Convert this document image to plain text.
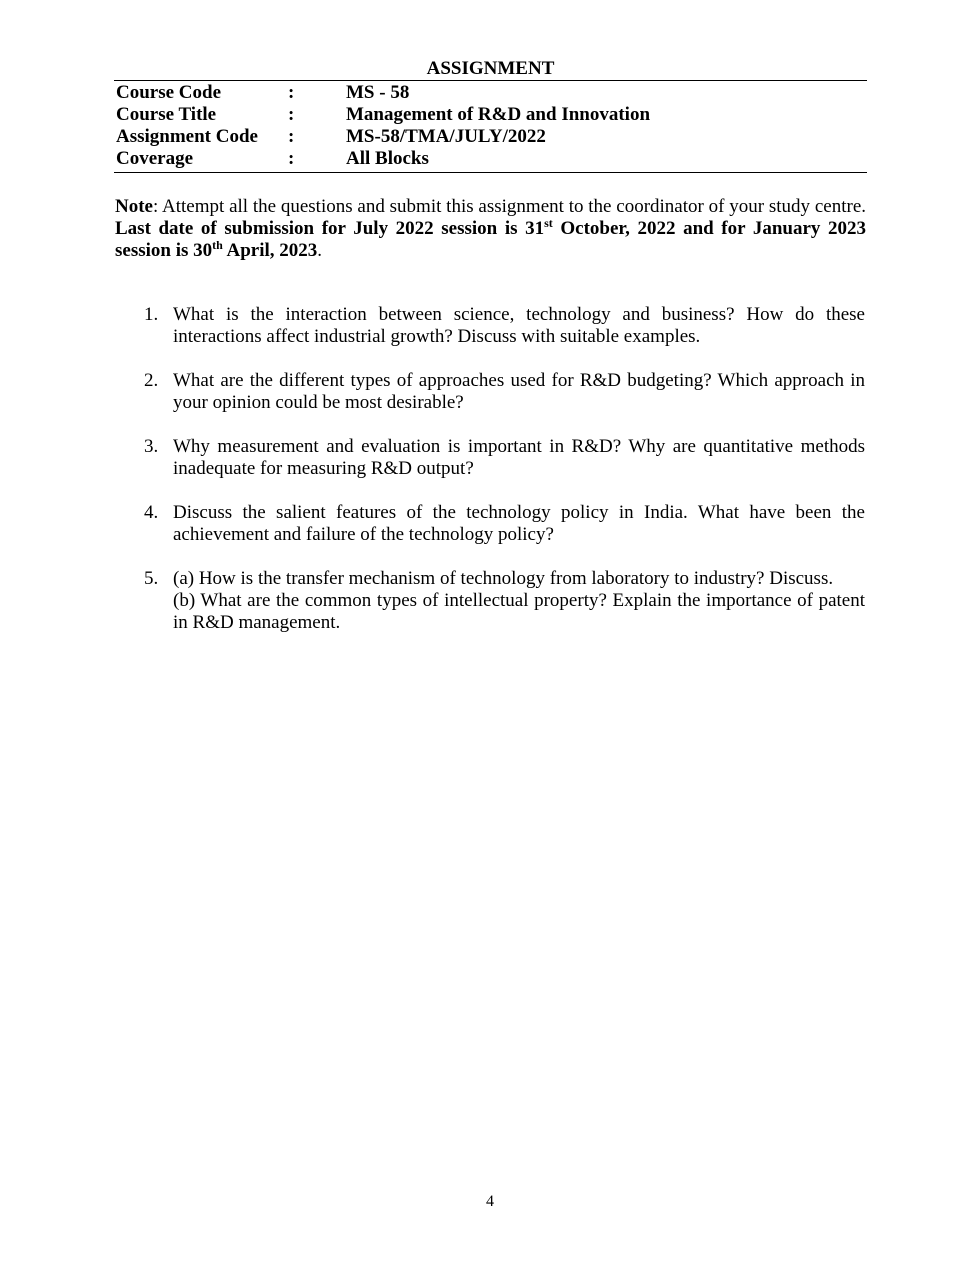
ASSIGNMENT
Course Code	:	MS - 58
Course Title	:	Management of R&D and Innovation
Assignment Code :	MS-58/TMA/JULY/2022
Coverage	:	All Blocks
Note: Attempt all the questions and submit this assignment to the coordinator of your study centre. Last date of submission for July 2022 session is 31st October, 2022 and for January 2023 session is 30th April, 2023.
1. What is the interaction between science, technology and business? How do these interactions affect industrial growth? Discuss with suitable examples.
2. What are the different types of approaches used for R&D budgeting? Which approach in your opinion could be most desirable?
3. Why measurement and evaluation is important in R&D? Why are quantitative methods inadequate for measuring R&D output?
4. Discuss the salient features of the technology policy in India. What have been the achievement and failure of the technology policy?
5. (a) How is the transfer mechanism of technology from laboratory to industry? Discuss.
(b) What are the common types of intellectual property? Explain the importance of patent in R&D management.
4
